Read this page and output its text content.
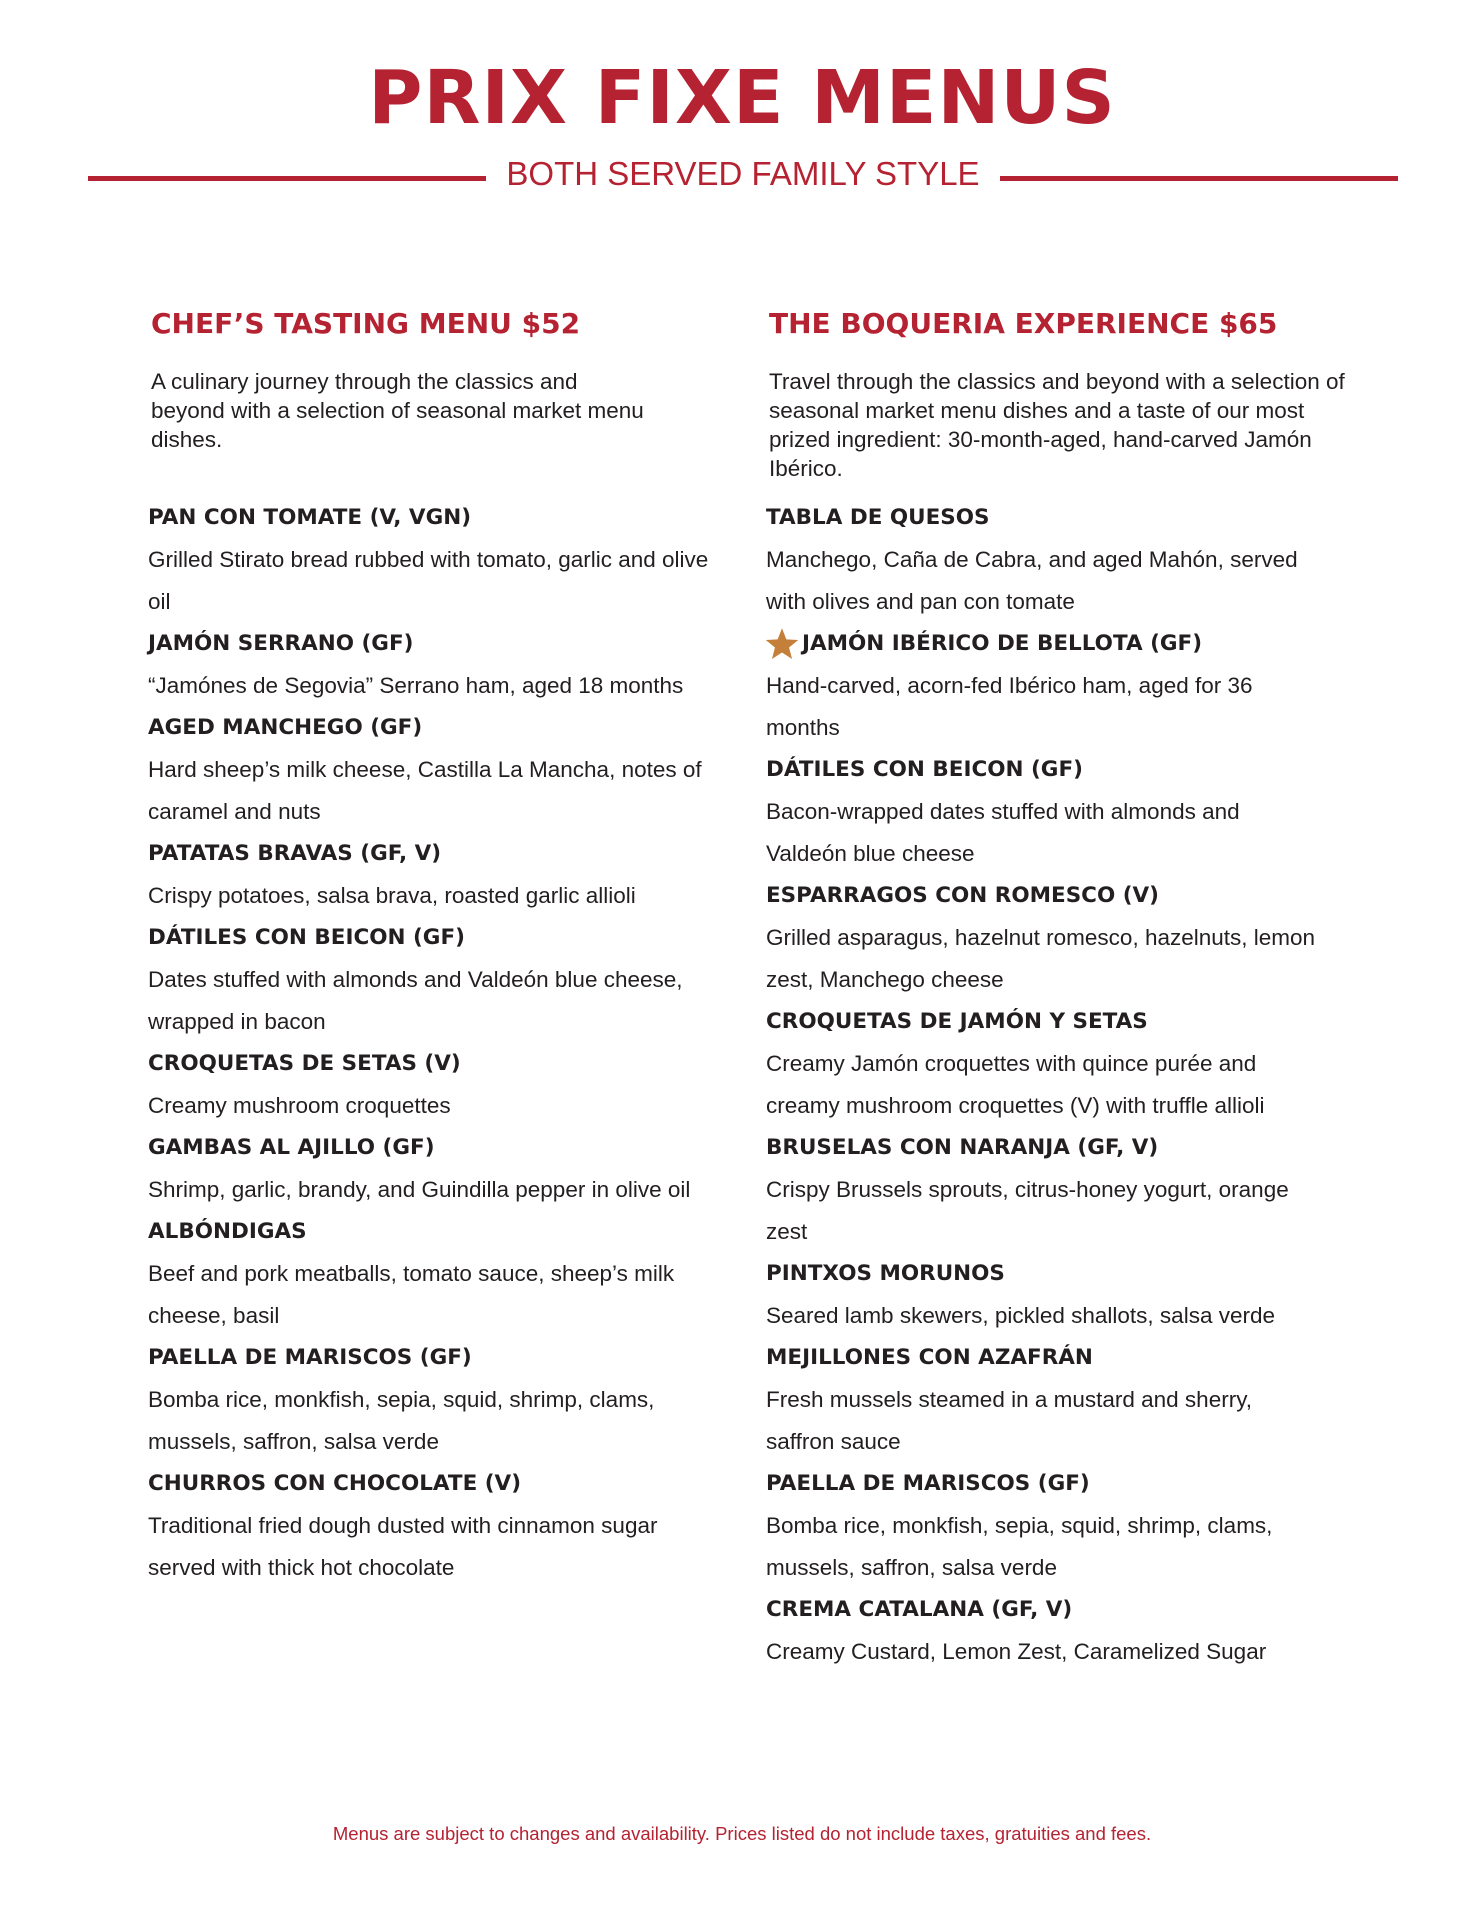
PRIX FIXE MENUS
BOTH SERVED FAMILY STYLE
CHEF’S TASTING MENU $52

A culinary journey through the classics and beyond with a selection of seasonal market menu dishes.

PAN CON TOMATE (V, VGN)
Grilled Stirato bread rubbed with tomato, garlic and olive oil
JAMÓN SERRANO (GF)
“Jamónes de Segovia” Serrano ham, aged 18 months
AGED MANCHEGO (GF)
Hard sheep’s milk cheese, Castilla La Mancha, notes of caramel and nuts
PATATAS BRAVAS (GF, V)
Crispy potatoes, salsa brava, roasted garlic allioli
DÁTILES CON BEICON (GF)
Dates stuffed with almonds and Valdeón blue cheese, wrapped in bacon
CROQUETAS DE SETAS (V)
Creamy mushroom croquettes
GAMBAS AL AJILLO (GF)
Shrimp, garlic, brandy, and Guindilla pepper in olive oil
ALBÓNDIGAS
Beef and pork meatballs, tomato sauce, sheep’s milk cheese, basil
PAELLA DE MARISCOS (GF)
Bomba rice, monkfish, sepia, squid, shrimp, clams, mussels, saffron, salsa verde
CHURROS CON CHOCOLATE (V)
Traditional fried dough dusted with cinnamon sugar served with thick hot chocolate
THE BOQUERIA EXPERIENCE $65

Travel through the classics and beyond with a selection of seasonal market menu dishes and a taste of our most prized ingredient: 30-month-aged, hand-carved Jamón Ibérico.

TABLA DE QUESOS
Manchego, Caña de Cabra, and aged Mahón, served with olives and pan con tomate
JAMÓN IBÉRICO DE BELLOTA (GF)
Hand-carved, acorn-fed Ibérico ham, aged for 36 months
DÁTILES CON BEICON (GF)
Bacon-wrapped dates stuffed with almonds and Valdeón blue cheese
ESPARRAGOS CON ROMESCO (V)
Grilled asparagus, hazelnut romesco, hazelnuts, lemon zest, Manchego cheese
CROQUETAS DE JAMÓN Y SETAS
Creamy Jamón croquettes with quince purée and creamy mushroom croquettes (V) with truffle allioli
BRUSELAS CON NARANJA (GF, V)
Crispy Brussels sprouts, citrus-honey yogurt, orange zest
PINTXOS MORUNOS
Seared lamb skewers, pickled shallots, salsa verde
MEJILLONES CON AZAFRÁN
Fresh mussels steamed in a mustard and sherry, saffron sauce
PAELLA DE MARISCOS (GF)
Bomba rice, monkfish, sepia, squid, shrimp, clams, mussels, saffron, salsa verde
CREMA CATALANA (GF, V)
Creamy Custard, Lemon Zest, Caramelized Sugar
Menus are subject to changes and availability. Prices listed do not include taxes, gratuities and fees.
